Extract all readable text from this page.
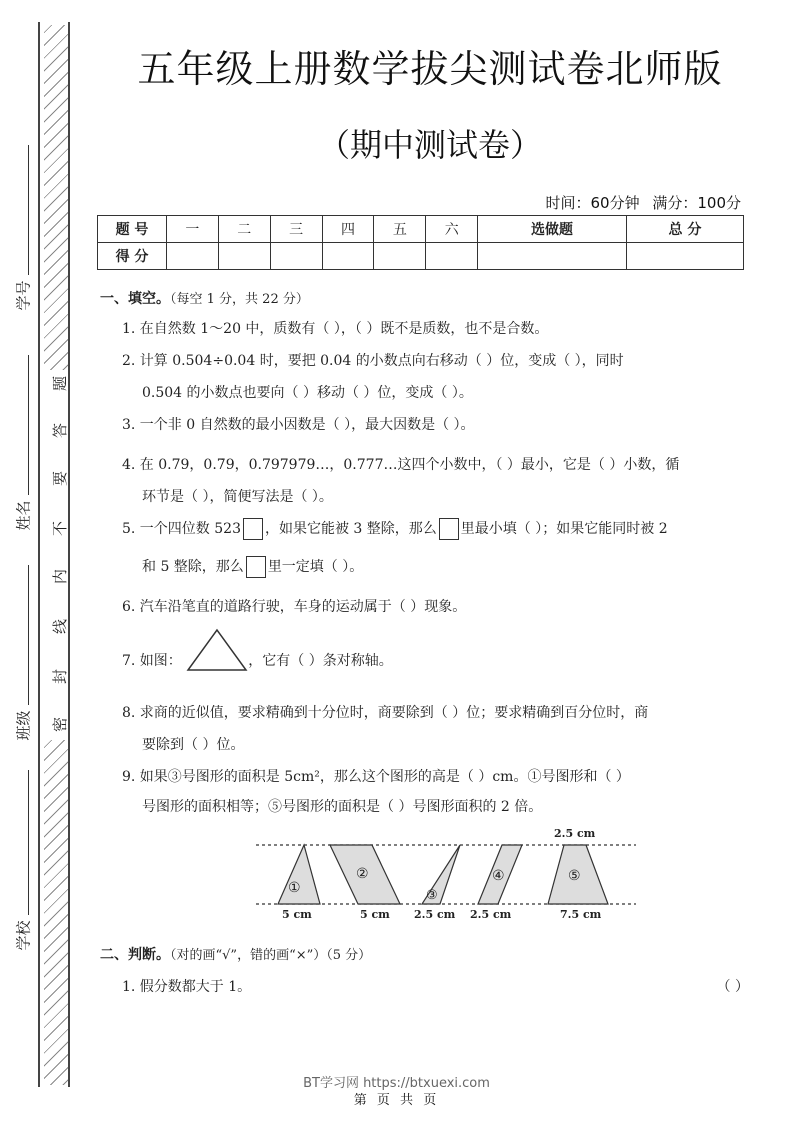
题
答
要
不
内
线
封
密
学号
姓名
班级
学校
五年级上册数学拔尖测试卷北师版
（期中测试卷）
时间：60分钟 满分：100分
题 号	一	二	三	四	五	六	选做题	总 分
得 分								
一、填空。（每空 1 分，共 22 分）
1. 在自然数 1～20 中，质数有（ ），（ ）既不是质数，也不是合数。
2. 计算 0.504÷0.04 时，要把 0.04 的小数点向右移动（ ）位，变成（ ），同时
0.504 的小数点也要向（ ）移动（ ）位，变成（ ）。
3. 一个非 0 自然数的最小因数是（ ），最大因数是（ ）。
4. 在 0.79，0.7̇9，0.797979…，0.777…这四个小数中，（ ）最小，它是（ ）小数，循
环节是（ ），简便写法是（ ）。
5. 一个四位数 523 ，如果它能被 3 整除，那么 里最小填（ ）；如果它能同时被 2
和 5 整除，那么 里一定填（ ）。
6. 汽车沿笔直的道路行驶，车身的运动属于（ ）现象。
7. 如图：	，它有（ ）条对称轴。
8. 求商的近似值，要求精确到十分位时，商要除到（ ）位；要求精确到百分位时，商
要除到（ ）位。
9. 如果③号图形的面积是 5cm²，那么这个图形的高是（ ）cm。①号图形和（ ）
号图形的面积相等；⑤号图形的面积是（ ）号图形面积的 2 倍。
①
②
③
④	⑤
2.5 cm
5 cm	5 cm 2.5 cm 2.5 cm	7.5 cm
二、判断。（对的画“√”，错的画“×”）（5 分）
1. 假分数都大于 1。	（ ）
BT学习网 https://btxuexi.com
第 页 共 页
